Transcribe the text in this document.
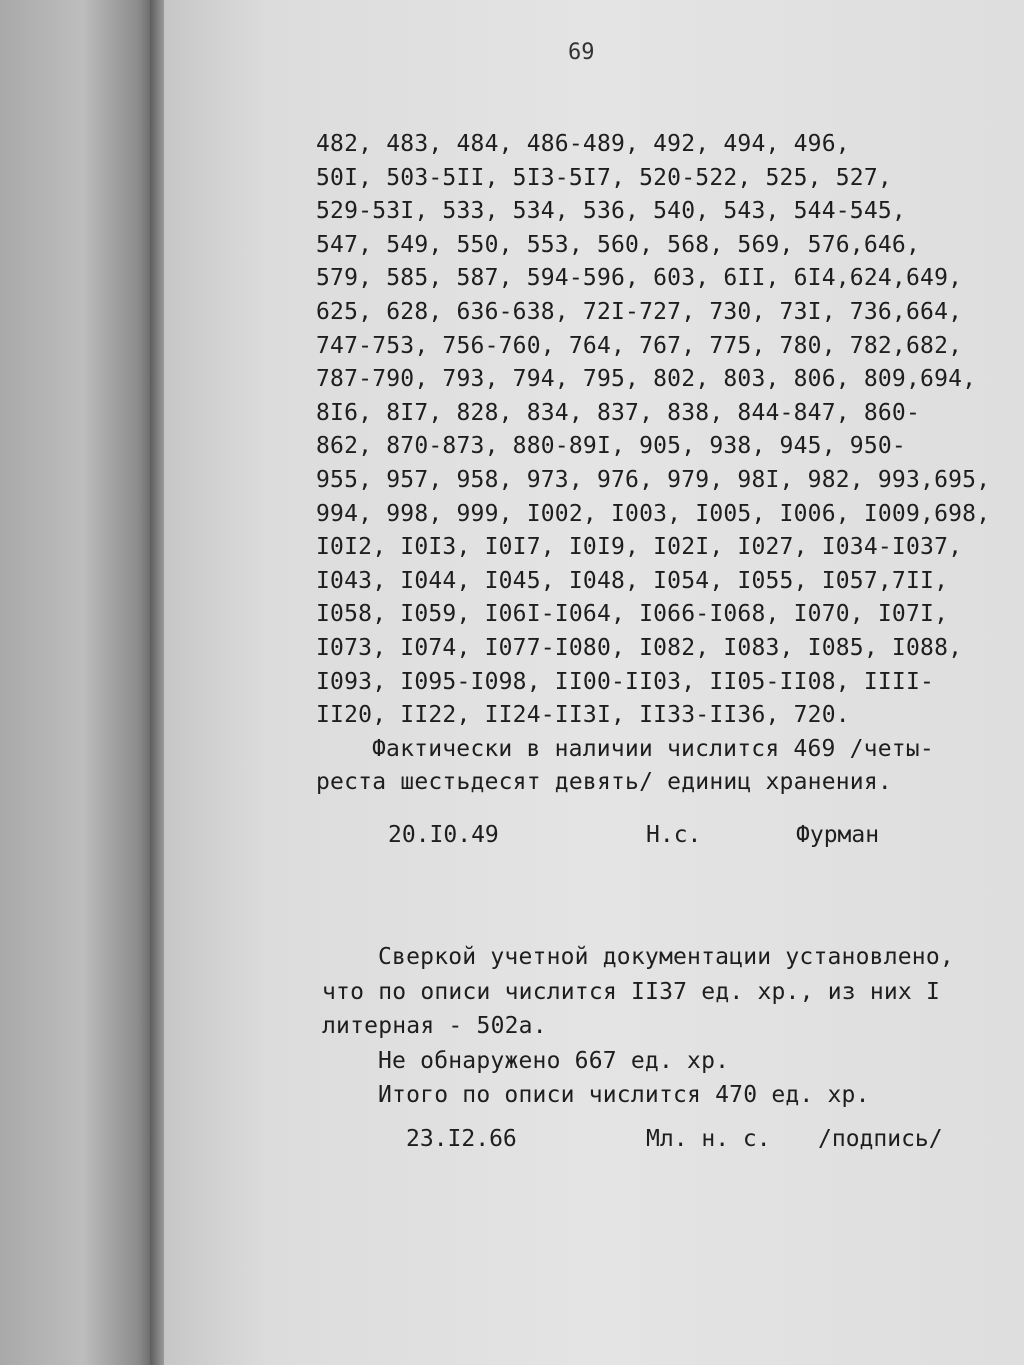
69
482, 483, 484, 486-489, 492, 494, 496,
50I, 503-5II, 5I3-5I7, 520-522, 525, 527,
529-53I, 533, 534, 536, 540, 543, 544-545,
547, 549, 550, 553, 560, 568, 569, 576,646,
579, 585, 587, 594-596, 603, 6II, 6I4,624,649,
625, 628, 636-638, 72I-727, 730, 73I, 736,664,
747-753, 756-760, 764, 767, 775, 780, 782,682,
787-790, 793, 794, 795, 802, 803, 806, 809,694,
8I6, 8I7, 828, 834, 837, 838, 844-847, 860-
862, 870-873, 880-89I, 905, 938, 945, 950-
955, 957, 958, 973, 976, 979, 98I, 982, 993,695,
994, 998, 999, I002, I003, I005, I006, I009,698,
I0I2, I0I3, I0I7, I0I9, I02I, I027, I034-I037,
I043, I044, I045, I048, I054, I055, I057,7II,
I058, I059, I06I-I064, I066-I068, I070, I07I,
I073, I074, I077-I080, I082, I083, I085, I088,
I093, I095-I098, II00-II03, II05-II08, IIII-
II20, II22, II24-II3I, II33-II36, 720.
Фактически в наличии числится 469 /четы-
реста шестьдесят девять/ единиц хранения.
20.I0.49	Н.с.	Фурман
Сверкой учетной документации установлено,
что по описи числится II37 ед. хр., из них I
литерная - 502а.
Не обнаружено 667 ед. хр.
Итого по описи числится 470 ед. хр.
23.I2.66	Мл. н. с. /подпись/
